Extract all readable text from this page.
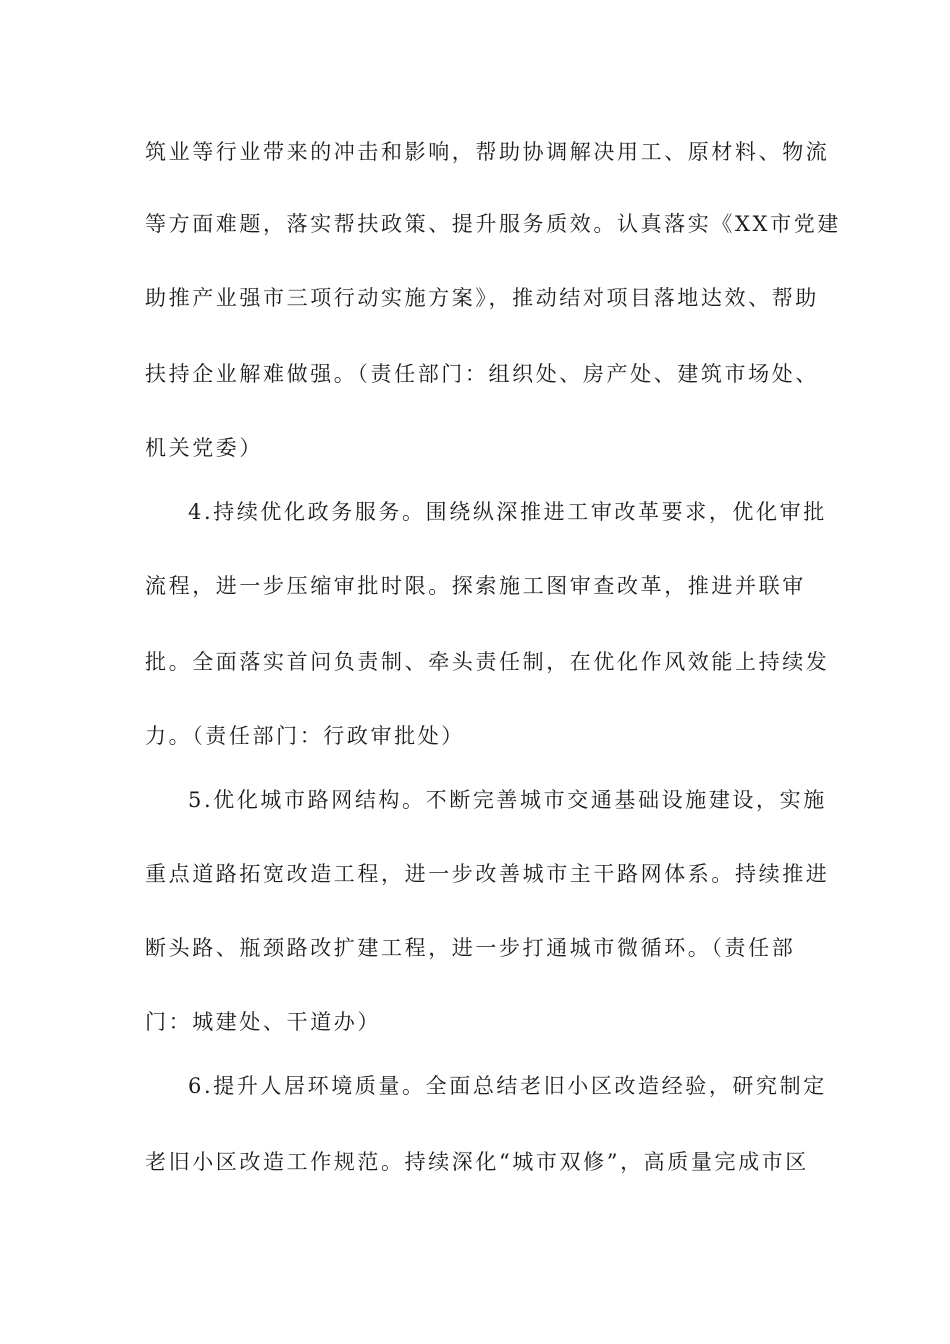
筑业等行业带来的冲击和影响，帮助协调解决用工、原材料、物流
等方面难题，落实帮扶政策、提升服务质效。认真落实《XX市党建
助推产业强市三项行动实施方案》，推动结对项目落地达效、帮助
扶持企业解难做强。（责任部门：组织处、房产处、建筑市场处、
机关党委）
4.持续优化政务服务。围绕纵深推进工审改革要求，优化审批
流程，进一步压缩审批时限。探索施工图审查改革，推进并联审
批。全面落实首问负责制、牵头责任制，在优化作风效能上持续发
力。（责任部门：行政审批处）
5.优化城市路网结构。不断完善城市交通基础设施建设，实施
重点道路拓宽改造工程，进一步改善城市主干路网体系。持续推进
断头路、瓶颈路改扩建工程，进一步打通城市微循环。（责任部
门：城建处、干道办）
6.提升人居环境质量。全面总结老旧小区改造经验，研究制定
老旧小区改造工作规范。持续深化“城市双修”，高质量完成市区
